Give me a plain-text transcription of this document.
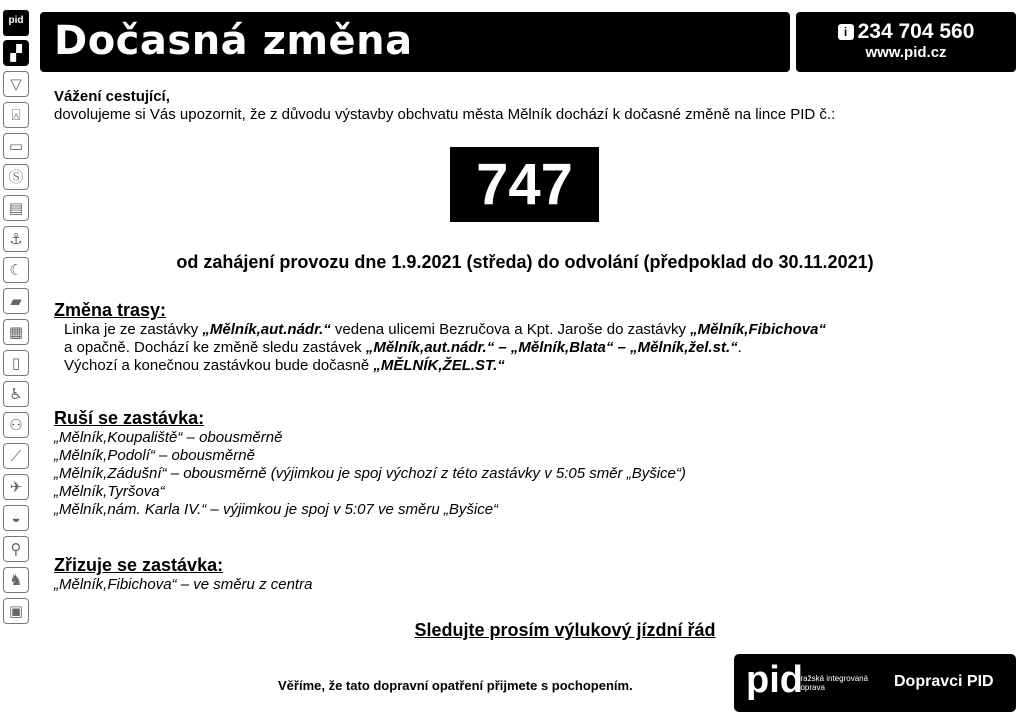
pid
▞
▽
⍓
▭
Ⓢ
▤
⚓
☾
▰
▦
▯
♿
⚇
⟋
✈
◒
⚲
♞
▣
Dočasná změna	i 234 704 560
www.pid.cz
Vážení cestující,
dovolujeme si Vás upozornit, že z důvodu výstavby obchvatu města Mělník dochází k dočasné změně na lince PID č.:
747
od zahájení provozu dne 1.9.2021 (středa) do odvolání (předpoklad do 30.11.2021)
Změna trasy:
Linka je ze zastávky „Mělník,aut.nádr.“ vedena ulicemi Bezručova a Kpt. Jaroše do zastávky „Mělník,Fibichova“
a opačně. Dochází ke změně sledu zastávek „Mělník,aut.nádr.“ – „Mělník,Blata“ – „Mělník,žel.st.“.
Výchozí a konečnou zastávkou bude dočasně „MĚLNÍK,ŽEL.ST.“
Ruší se zastávka:
„Mělník,Koupaliště“ – obousměrně
„Mělník,Podolí“ – obousměrně
„Mělník,Zádušní“ – obousměrně (výjimkou je spoj výchozí z této zastávky v 5:05 směr „Byšice“)
„Mělník,Tyršova“
„Mělník,nám. Karla IV.“ – výjimkou je spoj v 5:07 ve směru „Byšice“
Zřizuje se zastávka:
„Mělník,Fibichova“ – ve směru z centra
Sledujte prosím výlukový jízdní řád
Věříme, že tato dopravní opatření přijmete s pochopením.	pid
pražská integrovaná
doprava	Dopravci PID
